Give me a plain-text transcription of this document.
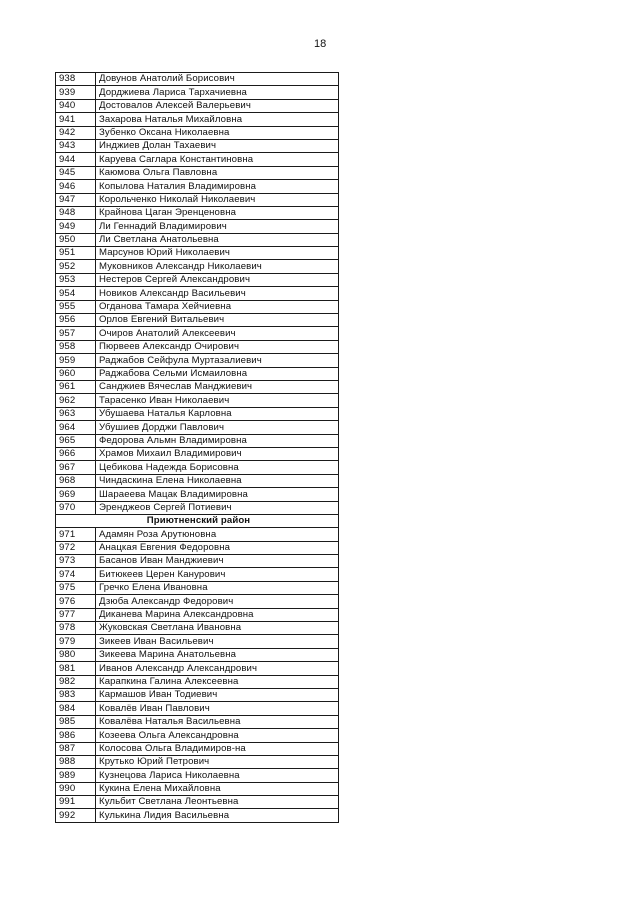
18
938	Довунов Анатолий Борисович
939	Дорджиева Лариса Тархачиевна
940	Достовалов Алексей Валерьевич
941	Захарова Наталья Михайловна
942	Зубенко Оксана Николаевна
943	Инджиев Долан Тахаевич
944	Каруева Саглара Константиновна
945	Каюмова Ольга Павловна
946	Копылова Наталия Владимировна
947	Корольченко Николай Николаевич
948	Крайнова Цаган Эренценовна
949	Ли Геннадий Владимирович
950	Ли Светлана Анатольевна
951	Марсунов Юрий Николаевич
952	Муковников Александр Николаевич
953	Нестеров Сергей Александрович
954	Новиков Александр Васильевич
955	Огданова Тамара Хейчиевна
956	Орлов Евгений Витальевич
957	Очиров Анатолий Алексеевич
958	Пюрвеев Александр Очирович
959	Раджабов Сейфула Муртазалиевич
960	Раджабова Сельми Исмаиловна
961	Санджиев Вячеслав Манджиевич
962	Тарасенко Иван Николаевич
963	Убушаева Наталья Карловна
964	Убушиев Дорджи Павлович
965	Федорова Альмн Владимировна
966	Храмов Михаил Владимирович
967	Цебикова Надежда Борисовна
968	Чиндаскина Елена Николаевна
969	Шараеева Мацак Владимировна
970	Эренджеов Сергей Потиевич
Приютненский район	
971	Адамян Роза Арутюновна
972	Анацкая Евгения Федоровна
973	Басанов Иван Манджиевич
974	Битюкеев Церен Канурович
975	Гречко Елена Ивановна
976	Дзюба Александр Федорович
977	Диканева Марина Александровна
978	Жуковская Светлана Ивановна
979	Зикеев Иван Васильевич
980	Зикеева Марина Анатольевна
981	Иванов Александр Александрович
982	Карапкина Галина Алексеевна
983	Кармашов Иван Тодиевич
984	Ковалёв Иван Павлович
985	Ковалёва Наталья Васильевна
986	Козеева Ольга Александровна
987	Колосова Ольга Владимиров-на
988	Крутько Юрий Петрович
989	Кузнецова Лариса Николаевна
990	Кукина Елена Михайловна
991	Кульбит Светлана Леонтьевна
992	Кулькина Лидия Васильевна
